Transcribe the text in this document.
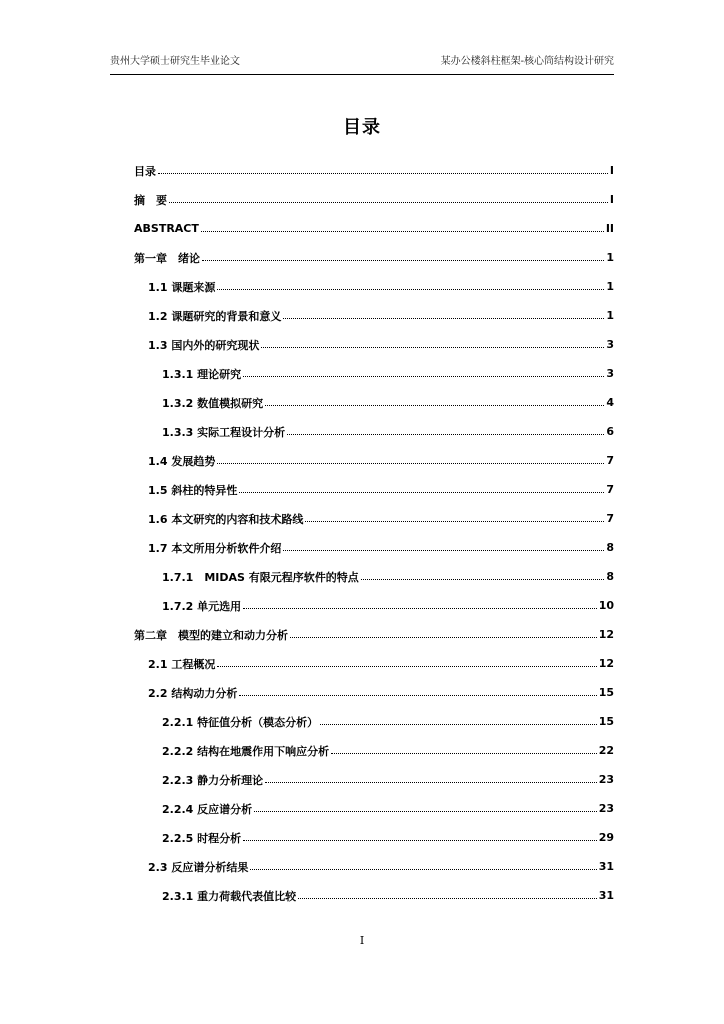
贵州大学硕士研究生毕业论文	某办公楼斜柱框架-核心筒结构设计研究
目录
目录	I
摘　要	I
ABSTRACT	II
第一章　绪论	1
1.1 课题来源	1
1.2 课题研究的背景和意义	1
1.3 国内外的研究现状	3
1.3.1 理论研究	3
1.3.2 数值模拟研究	4
1.3.3 实际工程设计分析	6
1.4 发展趋势	7
1.5 斜柱的特异性	7
1.6 本文研究的内容和技术路线	7
1.7 本文所用分析软件介绍	8
1.7.1　MIDAS 有限元程序软件的特点	8
1.7.2 单元选用	10
第二章　模型的建立和动力分析	12
2.1 工程概况	12
2.2 结构动力分析	15
2.2.1 特征值分析（模态分析）	15
2.2.2 结构在地震作用下响应分析	22
2.2.3 静力分析理论	23
2.2.4 反应谱分析	23
2.2.5 时程分析	29
2.3 反应谱分析结果	31
2.3.1 重力荷载代表值比较	31
I
